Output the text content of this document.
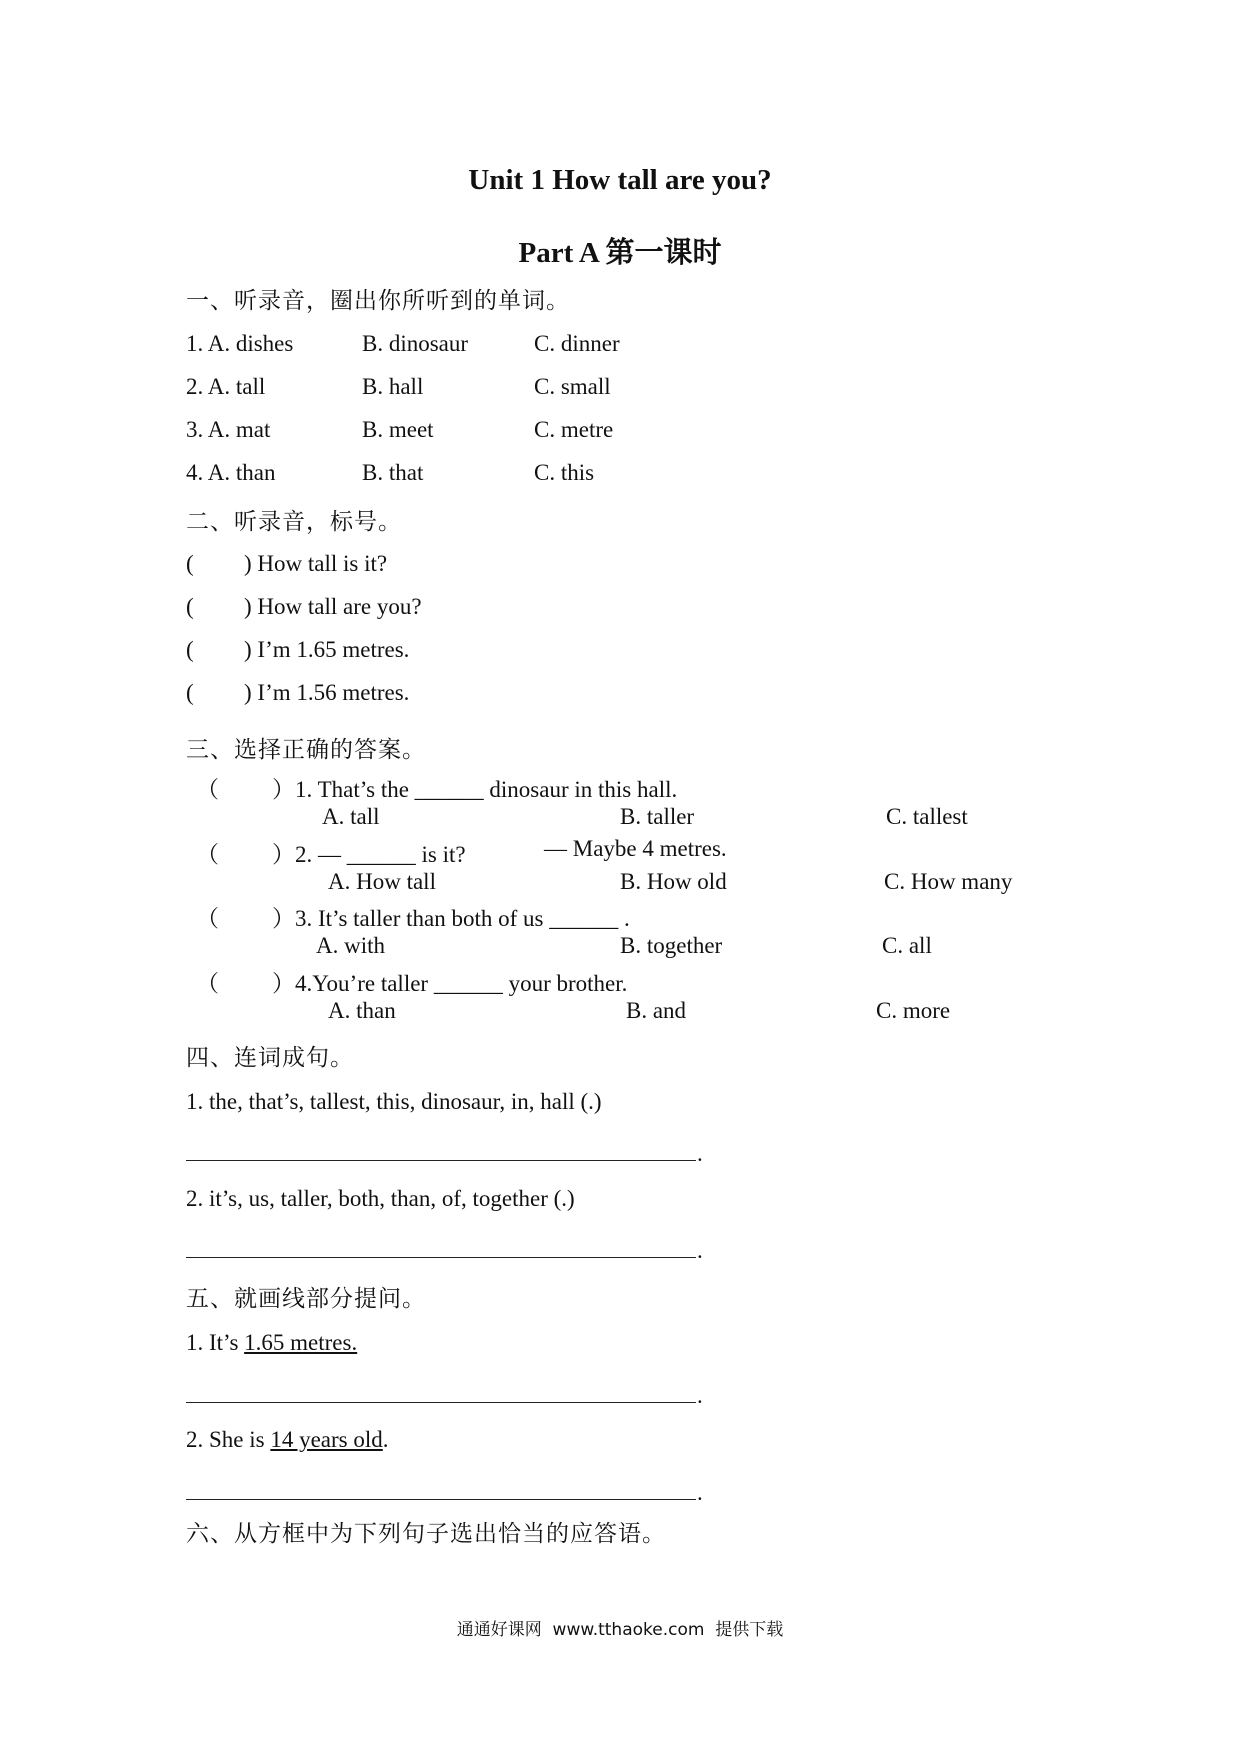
Unit 1 How tall are you?
Part A 第一课时
一、听录音，圈出你所听到的单词。
1. A. dishes	B. dinosaur	C. dinner
2. A. tall	B. hall	C. small
3. A. mat	B. meet	C. metre
4. A. than	B. that	C. this
二、听录音，标号。
( ) How tall is it?
( ) How tall are you?
( ) I’m 1.65 metres.
( ) I’m 1.56 metres.
三、选择正确的答案。
（ ）1. That’s the ______ dinosaur in this hall.
A. tall	B. taller	C. tallest
（ ）2. — ______ is it?	— Maybe 4 metres.
A. How tall	B. How old	C. How many
（ ）3. It’s taller than both of us ______ .
A. with	B. together	C. all
（ ）4.You’re taller ______ your brother.
A. than	B. and	C. more
四、连词成句。
1. the, that’s, tallest, this, dinosaur, in, hall (.)
.
2. it’s, us, taller, both, than, of, together (.)
.
五、就画线部分提问。
1. It’s 1.65 metres.
.
2. She is 14 years old.
.
六、从方框中为下列句子选出恰当的应答语。
通通好课网  www.tthaoke.com  提供下载
